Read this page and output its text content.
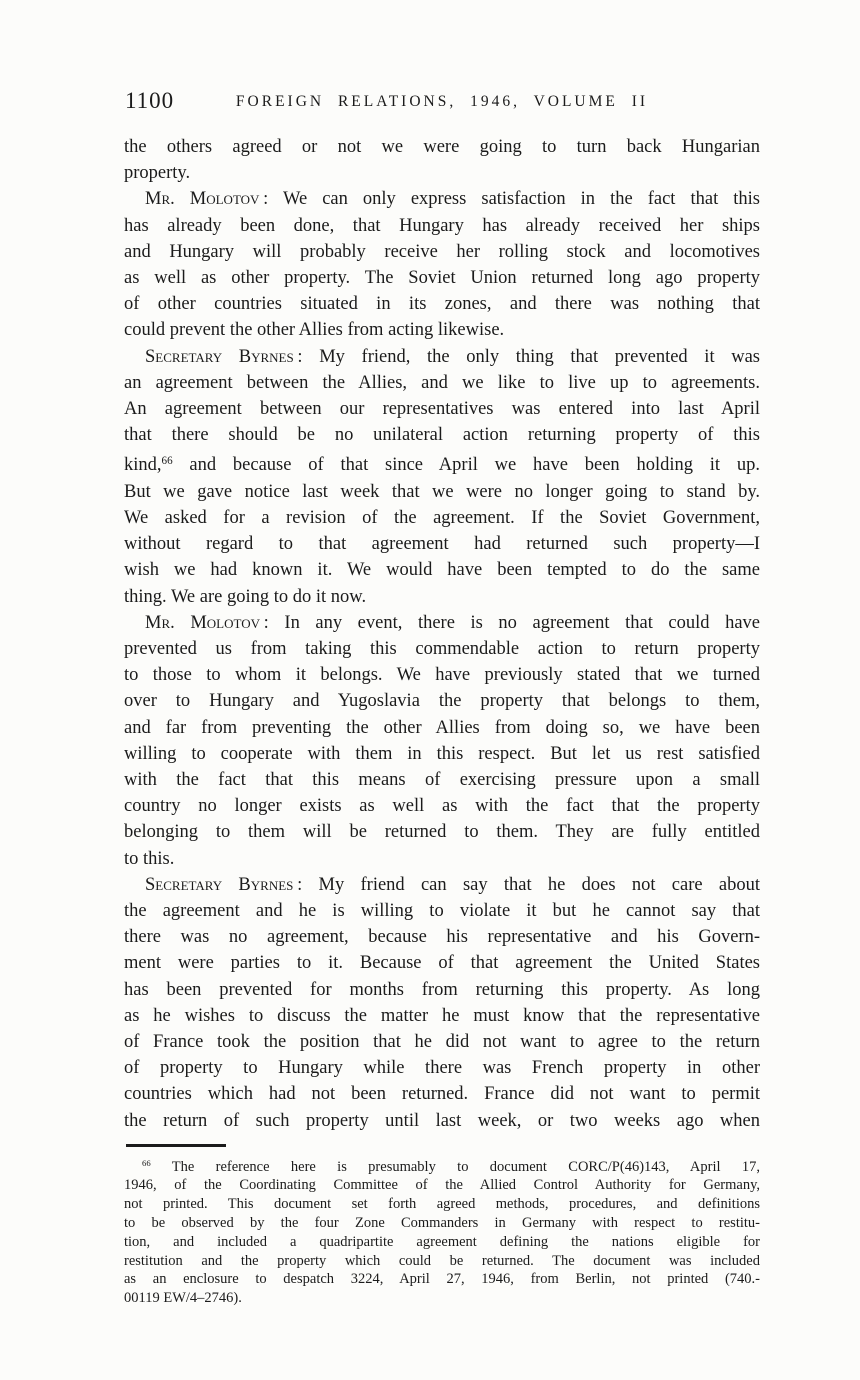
1100	FOREIGN RELATIONS, 1946, VOLUME II
the others agreed or not we were going to turn back Hungarian
property.
Mr. Molotov : We can only express satisfaction in the fact that this
has already been done, that Hungary has already received her ships
and Hungary will probably receive her rolling stock and locomotives
as well as other property. The Soviet Union returned long ago property
of other countries situated in its zones, and there was nothing that
could prevent the other Allies from acting likewise.
Secretary Byrnes : My friend, the only thing that prevented it was
an agreement between the Allies, and we like to live up to agreements.
An agreement between our representatives was entered into last April
that there should be no unilateral action returning property of this
kind,$^{66}$ and because of that since April we have been holding it up.
But we gave notice last week that we were no longer going to stand by.
We asked for a revision of the agreement. If the Soviet Government,
without regard to that agreement had returned such property—I
wish we had known it. We would have been tempted to do the same
thing. We are going to do it now.
Mr. Molotov : In any event, there is no agreement that could have
prevented us from taking this commendable action to return property
to those to whom it belongs. We have previously stated that we turned
over to Hungary and Yugoslavia the property that belongs to them,
and far from preventing the other Allies from doing so, we have been
willing to cooperate with them in this respect. But let us rest satisfied
with the fact that this means of exercising pressure upon a small
country no longer exists as well as with the fact that the property
belonging to them will be returned to them. They are fully entitled
to this.
Secretary Byrnes : My friend can say that he does not care about
the agreement and he is willing to violate it but he cannot say that
there was no agreement, because his representative and his Govern-
ment were parties to it. Because of that agreement the United States
has been prevented for months from returning this property. As long
as he wishes to discuss the matter he must know that the representative
of France took the position that he did not want to agree to the return
of property to Hungary while there was French property in other
countries which had not been returned. France did not want to permit
the return of such property until last week, or two weeks ago when
$^{66}$ The reference here is presumably to document CORC/P(46)143, April 17,
1946, of the Coordinating Committee of the Allied Control Authority for Germany,
not printed. This document set forth agreed methods, procedures, and definitions
to be observed by the four Zone Commanders in Germany with respect to restitu-
tion, and included a quadripartite agreement defining the nations eligible for
restitution and the property which could be returned. The document was included
as an enclosure to despatch 3224, April 27, 1946, from Berlin, not printed (740.-
00119 EW/4–2746).
